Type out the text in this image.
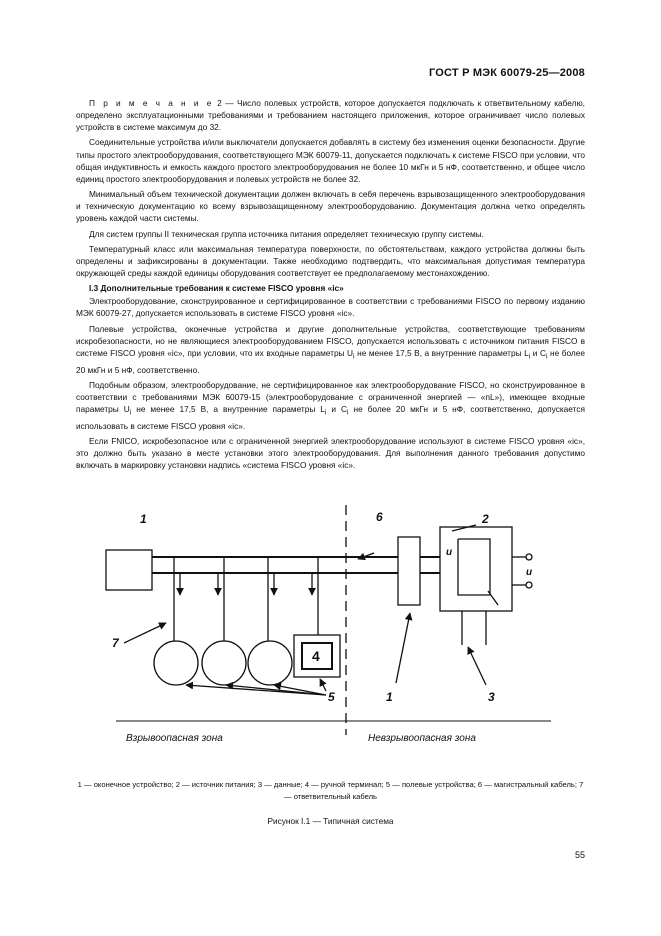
ГОСТ Р МЭК 60079-25—2008

П р и м е ч а н и е 2 — Число полевых устройств, которое допускается подключать к ответвительному кабелю, определено эксплуатационными требованиями и требованием настоящего приложения, которое ограничивает число полевых устройств в системе максимум до 32.

Соединительные устройства и/или выключатели допускается добавлять в систему без изменения оценки безопасности. Другие типы простого электрооборудования, соответствующего МЭК 60079-11, допускается подключать к системе FISCO при условии, что общая индуктивность и емкость каждого простого электрооборудования не более 10 мкГн и 5 нФ, соответственно, и общее число единиц простого электрооборудования и полевых устройств не более 32.

Минимальный объем технической документации должен включать в себя перечень взрывозащищенного электрооборудования и техническую документацию ко всему взрывозащищенному электрооборудованию. Документация должна четко определять уровень каждой части системы.

Для систем группы II техническая группа источника питания определяет техническую группу системы.

Температурный класс или максимальная температура поверхности, по обстоятельствам, каждого устройства должны быть определены и зафиксированы в документации. Также необходимо подтвердить, что максимальная допустимая температура окружающей среды каждой единицы оборудования соответствует ее предполагаемому местонахождению.

I.3 Дополнительные требования к системе FISCO уровня «ic»

Электрооборудование, сконструированное и сертифицированное в соответствии с требованиями FISCO по первому изданию МЭК 60079-27, допускается использовать в системе FISCO уровня «ic».

Полевые устройства, оконечные устройства и другие дополнительные устройства, соответствующие требованиям искробезопасности, но не являющиеся электрооборудованием FISCO, допускается использовать с источником питания FISCO в системе FISCO уровня «ic», при условии, что их входные параметры $U_i$ не менее 17,5 В, а внутренние параметры $L_i$ и $C_i$ не более 20 мкГн и 5 нФ, соответственно.

Подобным образом, электрооборудование, не сертифицированное как электрооборудование FISCO, но сконструированное в соответствии с требованиями МЭК 60079-15 (электрооборудование с ограниченной энергией — «nL»), имеющее входные параметры $U_i$ не менее 17,5 В, а внутренние параметры $L_i$ и $C_i$ не более 20 мкГн и 5 нФ, соответственно, допускается использовать в системе FISCO уровня «ic».

Если FNICO, искробезопасное или с ограниченной энергией электрооборудование используют в системе FISCO уровня «ic», это должно быть указано в месте установки этого электрооборудования. Для выполнения данного требования допустимо включать в маркировку установки надпись «система FISCO уровня «ic».

1	2
3
4
5
6
7
1
u
u
Взрывоопасная зона	Невзрывоопасная зона
1 — оконечное устройство; 2 — источник питания; 3 — данные; 4 — ручной терминал; 5 — полевые устройства; 6 — магистральный кабель; 7 — ответвительный кабель
Рисунок I.1 — Типичная система
55
